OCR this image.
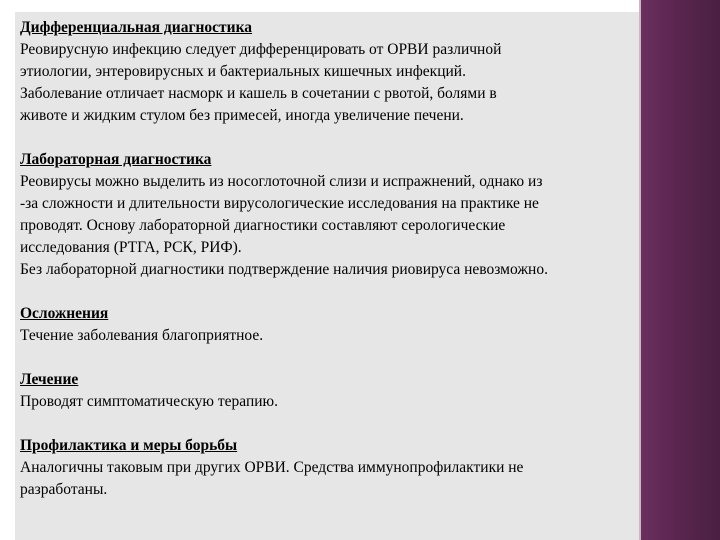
Дифференциальная диагностика
Реовирусную инфекцию следует дифференцировать от ОРВИ различной
этиологии, энтеровирусных и бактериальных кишечных инфекций.
Заболевание отличает насморк и кашель в сочетании с рвотой, болями в
животе и жидким стулом без примесей, иногда увеличение печени.
Лабораторная диагностика
Реовирусы можно выделить из носоглоточной слизи и испражнений, однако из
-за сложности и длительности вирусологические исследования на практике не
проводят. Основу лабораторной диагностики составляют серологические
исследования (РТГА, РСК, РИФ).
Без лабораторной диагностики подтверждение наличия риовируса невозможно.
Осложнения
Течение заболевания благоприятное.
Лечение
Проводят симптоматическую терапию.
Профилактика и меры борьбы
Аналогичны таковым при других ОРВИ. Средства иммунопрофилактики не
разработаны.
